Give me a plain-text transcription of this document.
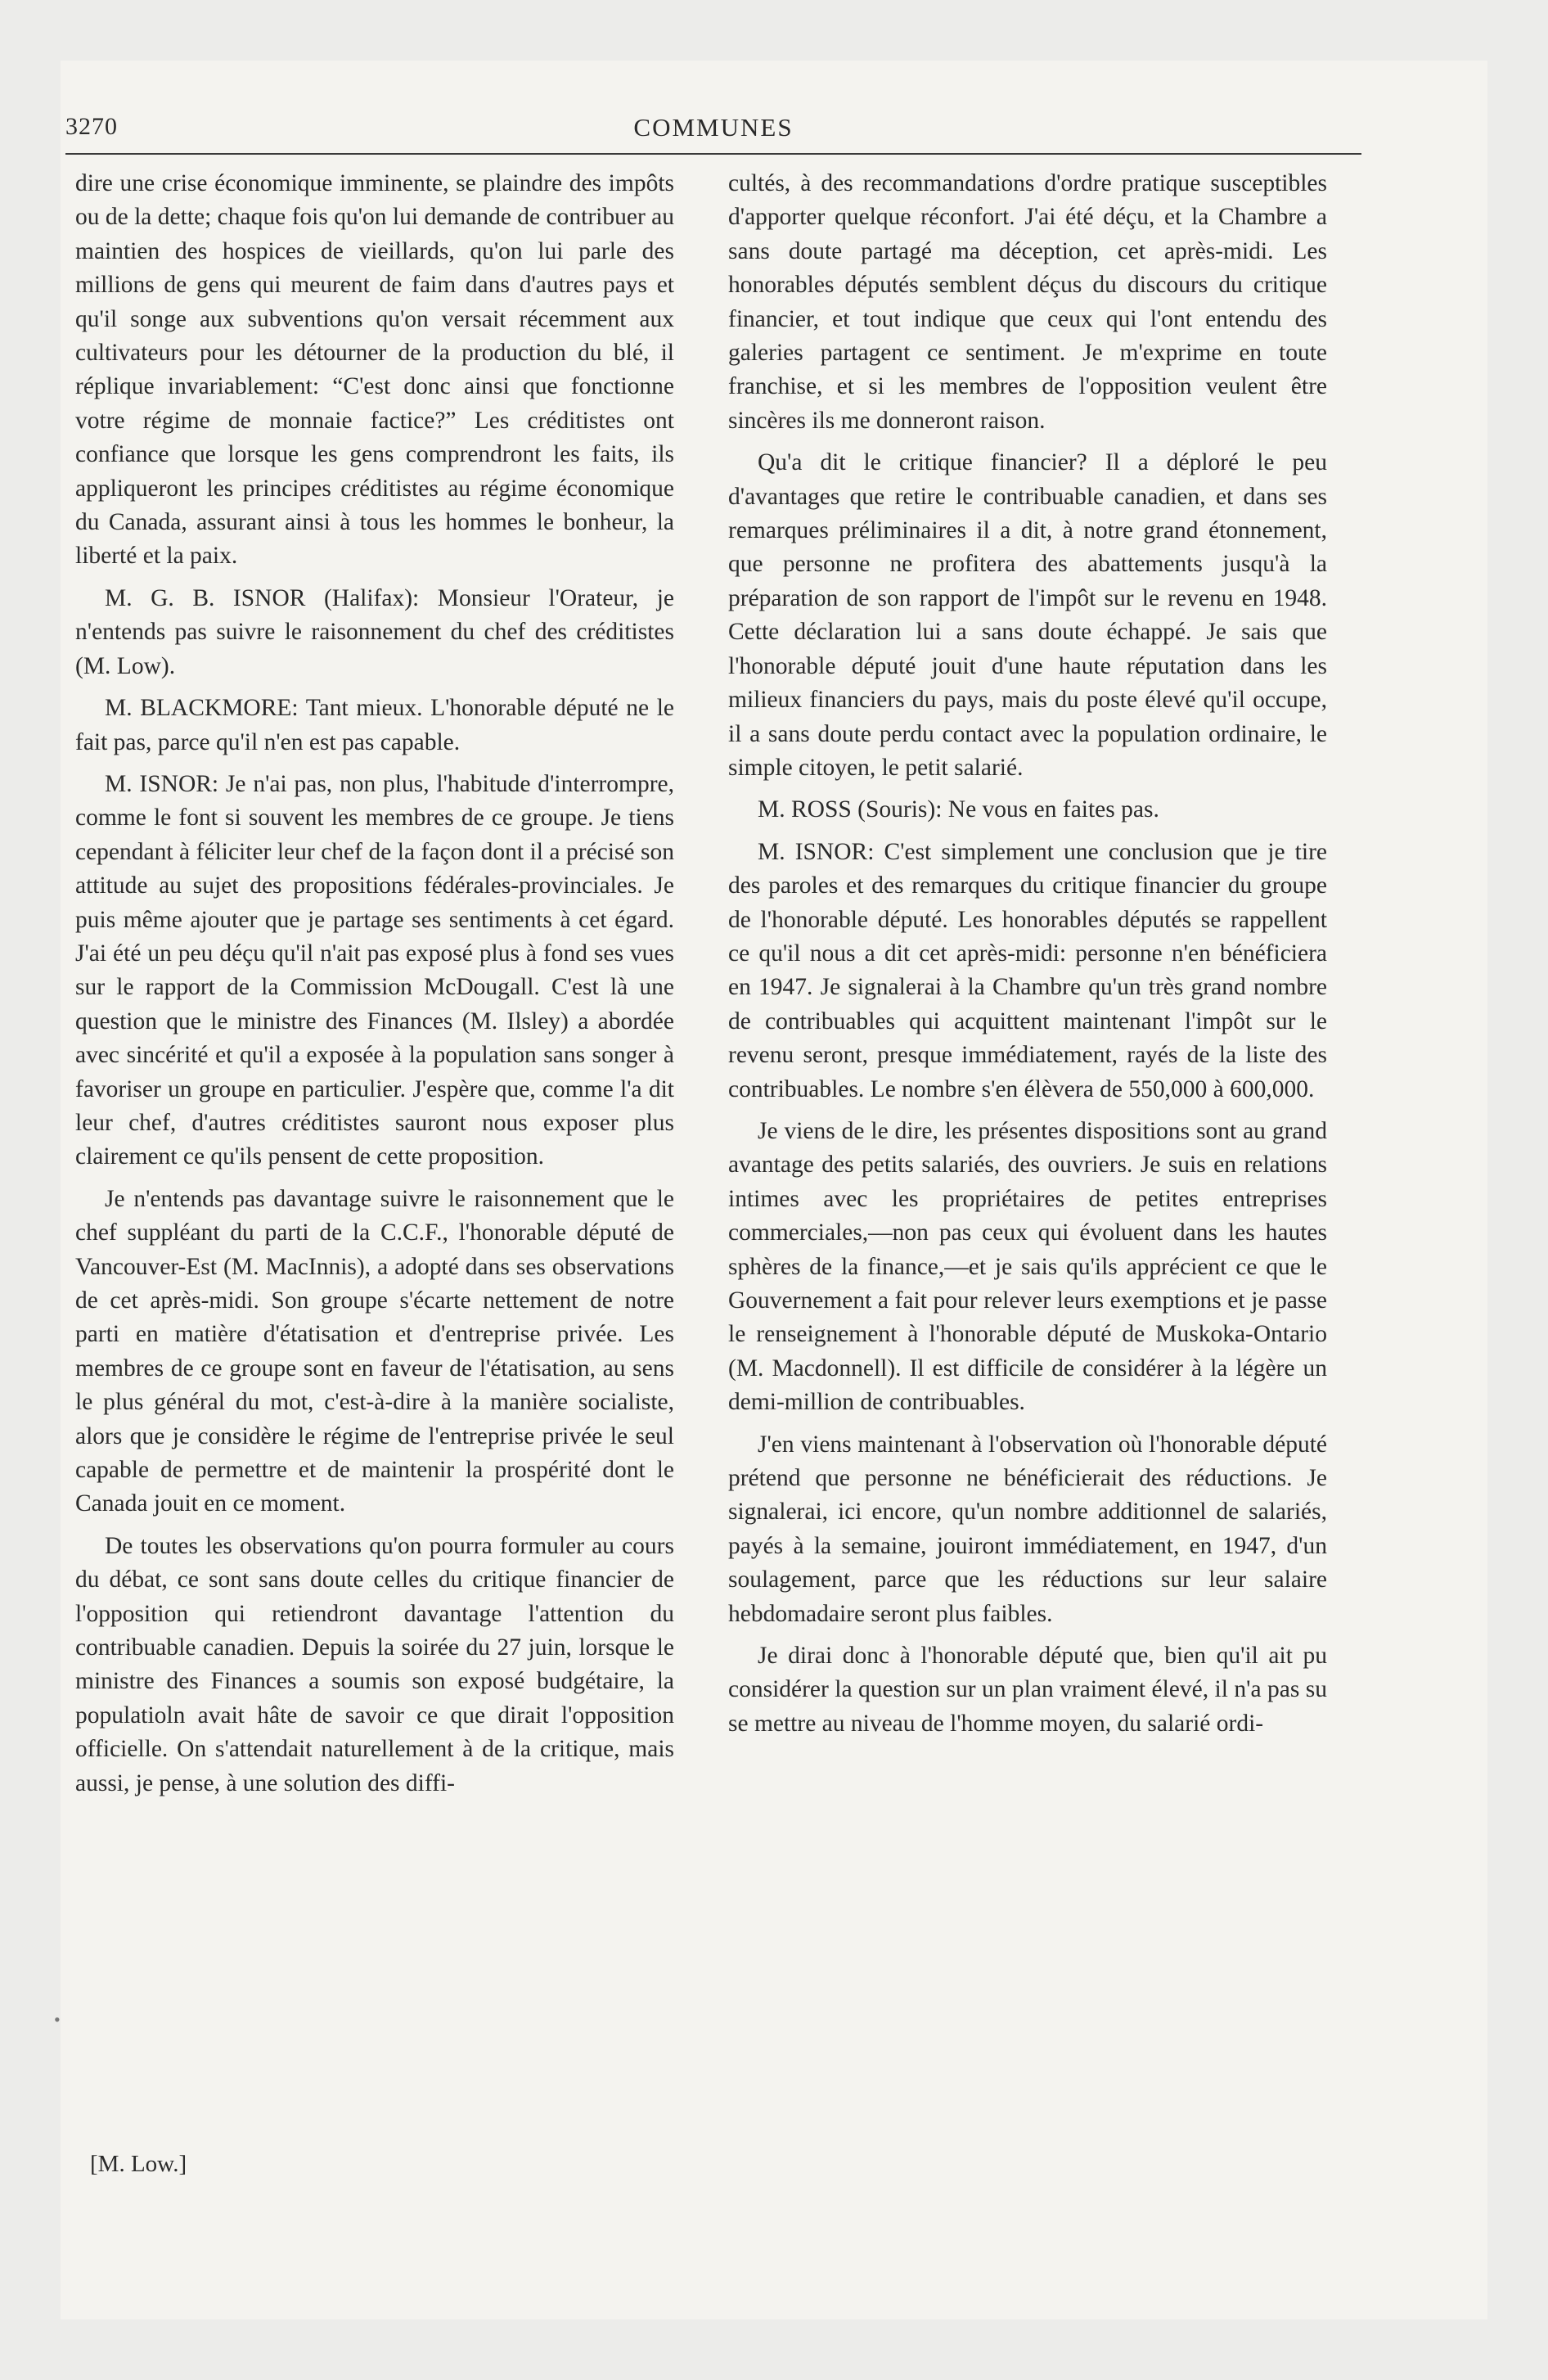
3270	COMMUNES

dire une crise économique imminente, se plaindre des impôts ou de la dette; chaque fois qu'on lui demande de contribuer au maintien des hospices de vieillards, qu'on lui parle des millions de gens qui meurent de faim dans d'autres pays et qu'il songe aux subventions qu'on versait récemment aux cultivateurs pour les détourner de la production du blé, il réplique invariablement: “C'est donc ainsi que fonctionne votre régime de monnaie factice?” Les créditistes ont confiance que lorsque les gens comprendront les faits, ils appliqueront les principes créditistes au régime économique du Canada, assurant ainsi à tous les hommes le bonheur, la liberté et la paix.

M. G. B. ISNOR (Halifax): Monsieur l'Orateur, je n'entends pas suivre le raisonnement du chef des créditistes (M. Low).

M. BLACKMORE: Tant mieux. L'honorable député ne le fait pas, parce qu'il n'en est pas capable.

M. ISNOR: Je n'ai pas, non plus, l'habitude d'interrompre, comme le font si souvent les membres de ce groupe. Je tiens cependant à féliciter leur chef de la façon dont il a précisé son attitude au sujet des propositions fédérales-provinciales. Je puis même ajouter que je partage ses sentiments à cet égard. J'ai été un peu déçu qu'il n'ait pas exposé plus à fond ses vues sur le rapport de la Commission McDougall. C'est là une question que le ministre des Finances (M. Ilsley) a abordée avec sincérité et qu'il a exposée à la population sans songer à favoriser un groupe en particulier. J'espère que, comme l'a dit leur chef, d'autres créditistes sauront nous exposer plus clairement ce qu'ils pensent de cette proposition.

Je n'entends pas davantage suivre le raisonnement que le chef suppléant du parti de la C.C.F., l'honorable député de Vancouver-Est (M. MacInnis), a adopté dans ses observations de cet après-midi. Son groupe s'écarte nettement de notre parti en matière d'étatisation et d'entreprise privée. Les membres de ce groupe sont en faveur de l'étatisation, au sens le plus général du mot, c'est-à-dire à la manière socialiste, alors que je considère le régime de l'entreprise privée le seul capable de permettre et de maintenir la prospérité dont le Canada jouit en ce moment.

De toutes les observations qu'on pourra formuler au cours du débat, ce sont sans doute celles du critique financier de l'opposition qui retiendront davantage l'attention du contribuable canadien. Depuis la soirée du 27 juin, lorsque le ministre des Finances a soumis son exposé budgétaire, la populatioln avait hâte de savoir ce que dirait l'opposition officielle. On s'attendait naturellement à de la critique, mais aussi, je pense, à une solution des diffi-

cultés, à des recommandations d'ordre pratique susceptibles d'apporter quelque réconfort. J'ai été déçu, et la Chambre a sans doute partagé ma déception, cet après-midi. Les honorables députés semblent déçus du discours du critique financier, et tout indique que ceux qui l'ont entendu des galeries partagent ce sentiment. Je m'exprime en toute franchise, et si les membres de l'opposition veulent être sincères ils me donneront raison.

Qu'a dit le critique financier? Il a déploré le peu d'avantages que retire le contribuable canadien, et dans ses remarques préliminaires il a dit, à notre grand étonnement, que personne ne profitera des abattements jusqu'à la préparation de son rapport de l'impôt sur le revenu en 1948. Cette déclaration lui a sans doute échappé. Je sais que l'honorable député jouit d'une haute réputation dans les milieux financiers du pays, mais du poste élevé qu'il occupe, il a sans doute perdu contact avec la population ordinaire, le simple citoyen, le petit salarié.

M. ROSS (Souris): Ne vous en faites pas.

M. ISNOR: C'est simplement une conclusion que je tire des paroles et des remarques du critique financier du groupe de l'honorable député. Les honorables députés se rappellent ce qu'il nous a dit cet après-midi: personne n'en bénéficiera en 1947. Je signalerai à la Chambre qu'un très grand nombre de contribuables qui acquittent maintenant l'impôt sur le revenu seront, presque immédiatement, rayés de la liste des contribuables. Le nombre s'en élèvera de 550,000 à 600,000.

Je viens de le dire, les présentes dispositions sont au grand avantage des petits salariés, des ouvriers. Je suis en relations intimes avec les propriétaires de petites entreprises commerciales,—non pas ceux qui évoluent dans les hautes sphères de la finance,—et je sais qu'ils apprécient ce que le Gouvernement a fait pour relever leurs exemptions et je passe le renseignement à l'honorable député de Muskoka-Ontario (M. Macdonnell). Il est difficile de considérer à la légère un demi-million de contribuables.

J'en viens maintenant à l'observation où l'honorable député prétend que personne ne bénéficierait des réductions. Je signalerai, ici encore, qu'un nombre additionnel de salariés, payés à la semaine, jouiront immédiatement, en 1947, d'un soulagement, parce que les réductions sur leur salaire hebdomadaire seront plus faibles.

Je dirai donc à l'honorable député que, bien qu'il ait pu considérer la question sur un plan vraiment élevé, il n'a pas su se mettre au niveau de l'homme moyen, du salarié ordi-

•
[M. Low.]
